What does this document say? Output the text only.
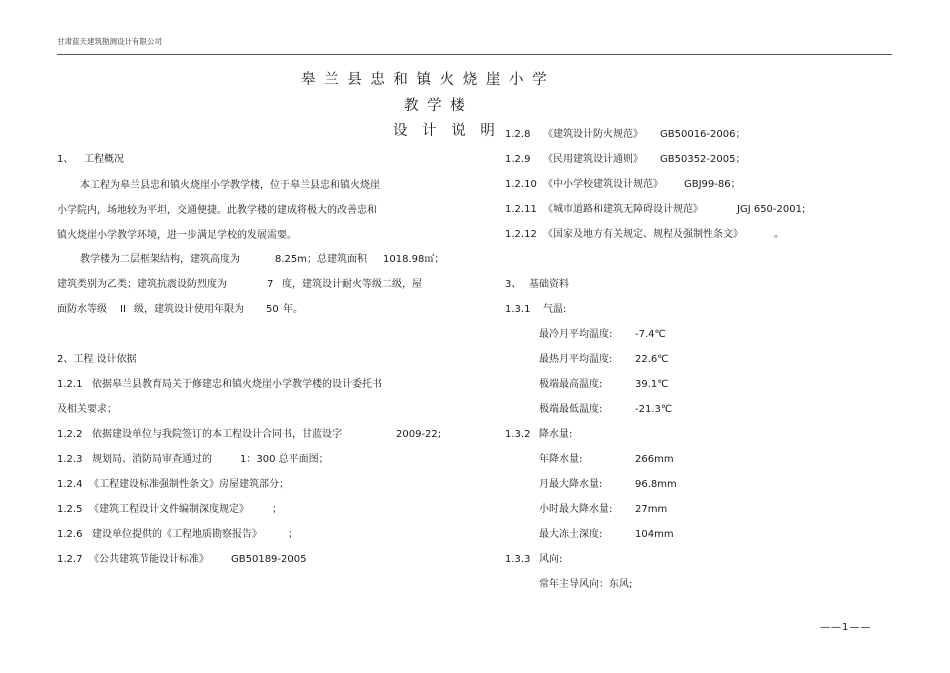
甘肃蓝天建筑勘测设计有限公司
皋 兰 县 忠 和 镇 火 烧 崖 小 学
教 学 楼
设 计 说 明
1、 工程概况
本工程为皋兰县忠和镇火烧崖小学教学楼，位于皋兰县忠和镇火烧崖
小学院内，场地较为平坦，交通便捷。此教学楼的建成将极大的改善忠和
镇火烧崖小学教学环境，进一步满足学校的发展需要。
教学楼为二层框架结构，建筑高度为	8.25m；总建筑面积 1018.98㎡；
建筑类别为乙类；建筑抗震设防烈度为	7 度，建筑设计耐火等级二级，屋
面防水等级 II 级，建筑设计使用年限为 50 年。
2、工程 设计依据
1.2.1 依据皋兰县教育局关于修建忠和镇火烧崖小学教学楼的设计委托书
及相关要求；
1.2.2 依据建设单位与我院签订的本工程设计合同书，甘蓝设字	2009-22;
1.2.3 规划局、消防局审查通过的	1：300 总平面图；
1.2.4 《工程建设标准强制性条文》房屋建筑部分；
1.2.5 《建筑工程设计文件编制深度规定》 ；
1.2.6 建设单位提供的《工程地质勘察报告》	；
1.2.7 《公共建筑节能设计标准》 GB50189-2005
1.2.8 《建筑设计防火规范》 GB50016-2006；
1.2.9 《民用建筑设计通则》 GB50352-2005；
1.2.10 《中小学校建筑设计规范》 GBJ99-86；
1.2.11 《城市道路和建筑无障碍设计规范》	JGJ 650-2001;
1.2.12 《国家及地方有关规定、规程及强制性条文》	。
3、 基础资料
1.3.1 气温:
最冷月平均温度: -7.4℃
最热月平均温度: 22.6℃
极端最高温度:	39.1℃
极端最低温度:	-21.3℃
1.3.2 降水量:
年降水量:	266mm
月最大降水量:	96.8mm
小时最大降水量: 27mm
最大冻土深度:	104mm
1.3.3 风向:
常年主导风向：东风;
——1——
